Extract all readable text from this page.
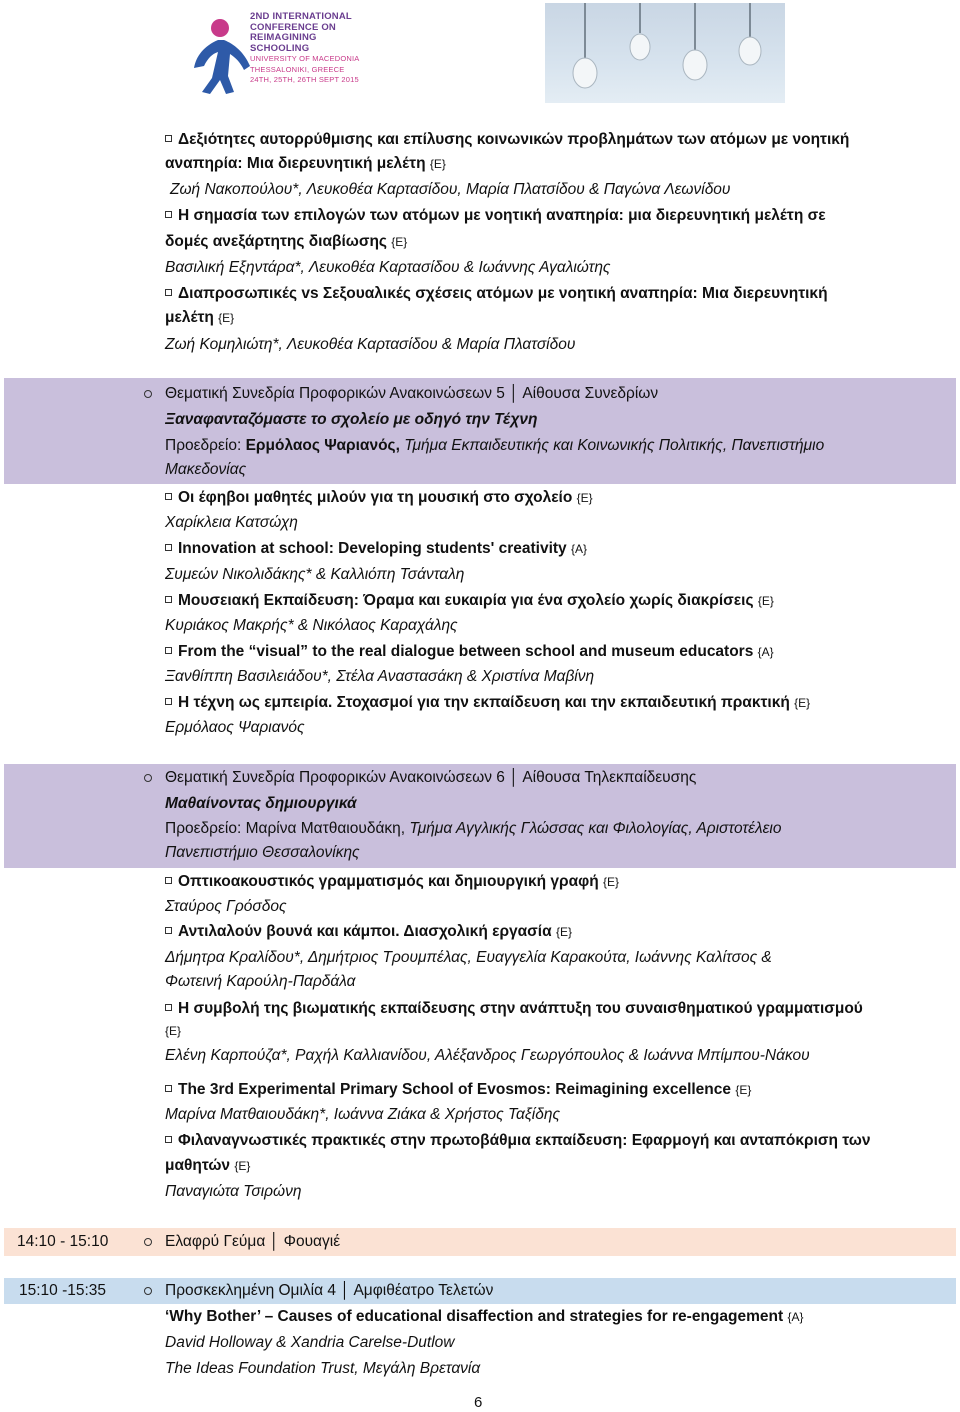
2ND INTERNATIONAL
CONFERENCE ON
REIMAGINING
SCHOOLING
UNIVERSITY OF MACEDONIA
THESSALONIKI, GREECE
24TH, 25TH, 26TH SEPT 2015
Δεξιότητες αυτορρύθμισης και επίλυσης κοινωνικών προβλημάτων των ατόμων με νοητική
αναπηρία: Μια διερευνητική μελέτη {E}
Ζωή Νακοπούλου*, Λευκοθέα Καρτασίδου, Μαρία Πλατσίδου & Παγώνα Λεωνίδου
Η σημασία των επιλογών των ατόμων με νοητική αναπηρία: μια διερευνητική μελέτη σε
δομές ανεξάρτητης διαβίωσης {E}
Βασιλική Εξηντάρα*, Λευκοθέα Καρτασίδου & Ιωάννης Αγαλιώτης
Διαπροσωπικές vs Σεξουαλικές σχέσεις ατόμων με νοητική αναπηρία: Μια διερευνητική
μελέτη {E}
Ζωή Κομηλιώτη*, Λευκοθέα Καρτασίδου & Μαρία Πλατσίδου
Θεματική Συνεδρία Προφορικών Ανακοινώσεων 5 │ Αίθουσα Συνεδρίων
Ξαναφανταζόμαστε το σχολείο με οδηγό την Τέχνη
Προεδρείο: Ερμόλαος Ψαριανός, Τμήμα Εκπαιδευτικής και Κοινωνικής Πολιτικής, Πανεπιστήμιο
Μακεδονίας
Οι έφηβοι μαθητές μιλούν για τη μουσική στο σχολείο {E}
Χαρίκλεια Κατσώχη
Innovation at school: Developing students' creativity {A}
Συμεών Νικολιδάκης* & Καλλιόπη Τσάνταλη
Μουσειακή Εκπαίδευση: Όραμα και ευκαιρία για ένα σχολείο χωρίς διακρίσεις {E}
Κυριάκος Μακρής* & Νικόλαος Καραχάλης
From the “visual” to the real dialogue between school and museum educators {A}
Ξανθίππη Βασιλειάδου*, Στέλα Αναστασάκη & Χριστίνα Μαβίνη
Η τέχνη ως εμπειρία. Στοχασμοί για την εκπαίδευση και την εκπαιδευτική πρακτική {E}
Ερμόλαος Ψαριανός
Θεματική Συνεδρία Προφορικών Ανακοινώσεων 6 │ Αίθουσα Τηλεκπαίδευσης
Μαθαίνοντας δημιουργικά
Προεδρείο: Μαρίνα Ματθαιουδάκη, Τμήμα Αγγλικής Γλώσσας και Φιλολογίας, Αριστοτέλειο
Πανεπιστήμιο Θεσσαλονίκης
Οπτικοακουστικός γραμματισμός και δημιουργική γραφή {E}
Σταύρος Γρόσδος
Αντιλαλούν βουνά και κάμποι. Διασχολική εργασία {E}
Δήμητρα Κραλίδου*, Δημήτριος Τρουμπέλας, Ευαγγελία Καρακούτα, Ιωάννης Καλίτσος &
Φωτεινή Καρούλη-Παρδάλα
Η συμβολή της βιωματικής εκπαίδευσης στην ανάπτυξη του συναισθηματικού γραμματισμού
{E}
Ελένη Καρπούζα*, Ραχήλ Καλλιανίδου, Αλέξανδρος Γεωργόπουλος & Ιωάννα Μπίμπου-Νάκου
The 3rd Experimental Primary School of Evosmos: Reimagining excellence {E}
Μαρίνα Ματθαιουδάκη*, Ιωάννα Ζιάκα & Χρήστος Ταξίδης
Φιλαναγνωστικές πρακτικές στην πρωτοβάθμια εκπαίδευση: Εφαρμογή και ανταπόκριση των
μαθητών {E}
Παναγιώτα Τσιρώνη
14:10 - 15:10	Ελαφρύ Γεύμα │ Φουαγιέ
15:10 -15:35	Προσκεκλημένη Ομιλία 4 │ Αμφιθέατρο Τελετών
‘Why Bother’ – Causes of educational disaffection and strategies for re-engagement {A}
David Holloway & Xandria Carelse-Dutlow
The Ideas Foundation Trust, Μεγάλη Βρετανία
6
